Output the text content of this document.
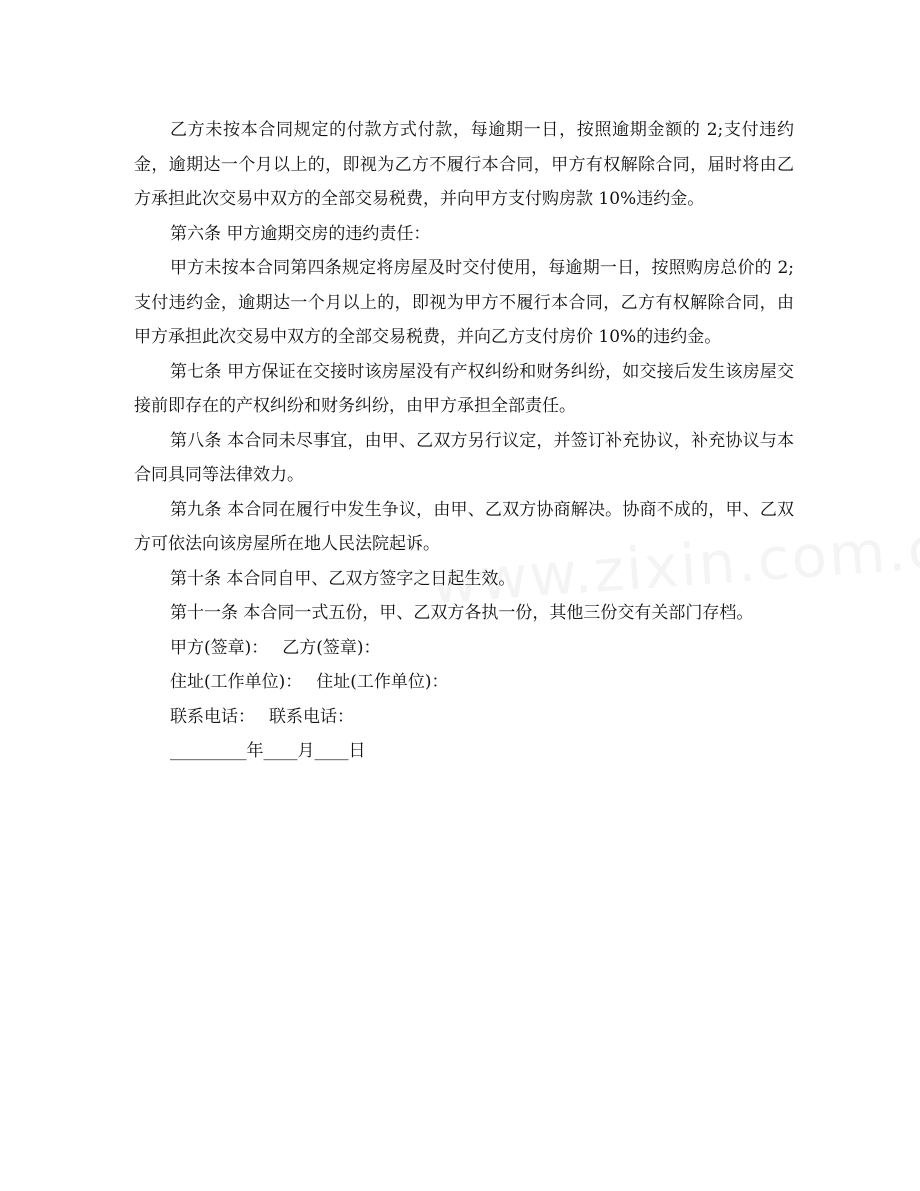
乙方未按本合同规定的付款方式付款，每逾期一日，按照逾期金额的 2;支付违约金，逾期达一个月以上的，即视为乙方不履行本合同，甲方有权解除合同，届时将由乙方承担此次交易中双方的全部交易税费，并向甲方支付购房款 10%违约金。

第六条 甲方逾期交房的违约责任：

甲方未按本合同第四条规定将房屋及时交付使用，每逾期一日，按照购房总价的 2;支付违约金，逾期达一个月以上的，即视为甲方不履行本合同，乙方有权解除合同，由甲方承担此次交易中双方的全部交易税费，并向乙方支付房价 10%的违约金。

第七条 甲方保证在交接时该房屋没有产权纠纷和财务纠纷，如交接后发生该房屋交接前即存在的产权纠纷和财务纠纷，由甲方承担全部责任。

第八条 本合同未尽事宜，由甲、乙双方另行议定，并签订补充协议，补充协议与本合同具同等法律效力。

第九条 本合同在履行中发生争议，由甲、乙双方协商解决。协商不成的，甲、乙双方可依法向该房屋所在地人民法院起诉。

第十条 本合同自甲、乙双方签字之日起生效。

第十一条 本合同一式五份，甲、乙双方各执一份，其他三份交有关部门存档。

甲方(签章)： 乙方(签章)：

住址(工作单位)： 住址(工作单位)：

联系电话： 联系电话：

_________年____月____日
